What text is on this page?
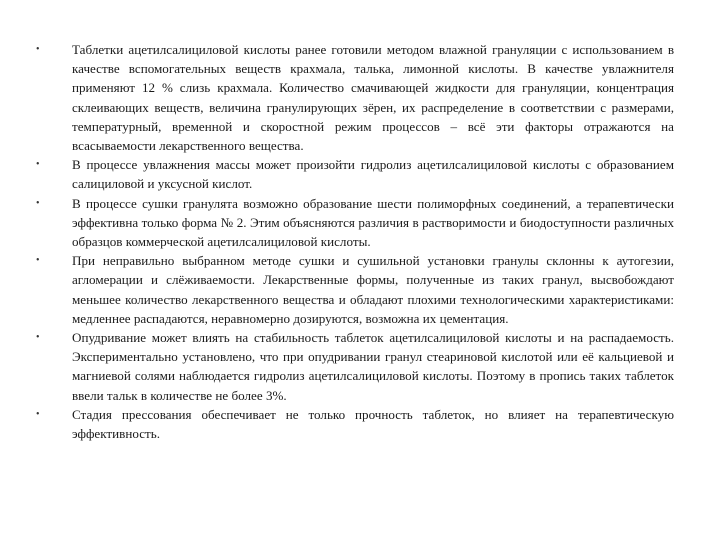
•	Таблетки ацетилсалициловой кислоты ранее готовили методом влажной грануляции с использованием в качестве вспомогательных веществ крахмала, талька, лимонной кислоты. В качестве увлажнителя применяют 12 % слизь крахмала. Количество смачивающей жидкости для грануляции, концентрация склеивающих веществ, величина гранулирующих зёрен, их распределение в соответствии с размерами, температурный, временной и скоростной режим процессов – всё эти факторы отражаются на всасываемости лекарственного вещества.
•	В процессе увлажнения массы может произойти гидролиз ацетилсалициловой кислоты с образованием салициловой и уксусной кислот.
•	В процессе сушки гранулята возможно образование шести полиморфных соединений, а терапевтически эффективна только форма № 2. Этим объясняются различия в растворимости и биодоступности различных образцов коммерческой ацетилсалициловой кислоты.
•	При неправильно выбранном методе сушки и сушильной установки гранулы склонны к аутогезии, агломерации и слёживаемости. Лекарственные формы, полученные из таких гранул, высвобождают меньшее количество лекарственного вещества и обладают плохими технологическими характеристиками: медленнее распадаются, неравномерно дозируются, возможна их цементация.
•	Опудривание может влиять на стабильность таблеток ацетилсалициловой кислоты и на распадаемость. Экспериментально установлено, что при опудривании гранул стеариновой кислотой или её кальциевой и магниевой солями наблюдается гидролиз ацетилсалициловой кислоты. Поэтому в пропись таких таблеток ввели тальк в количестве не более 3%.
•	Стадия прессования обеспечивает не только прочность таблеток, но влияет на терапевтическую эффективность.
